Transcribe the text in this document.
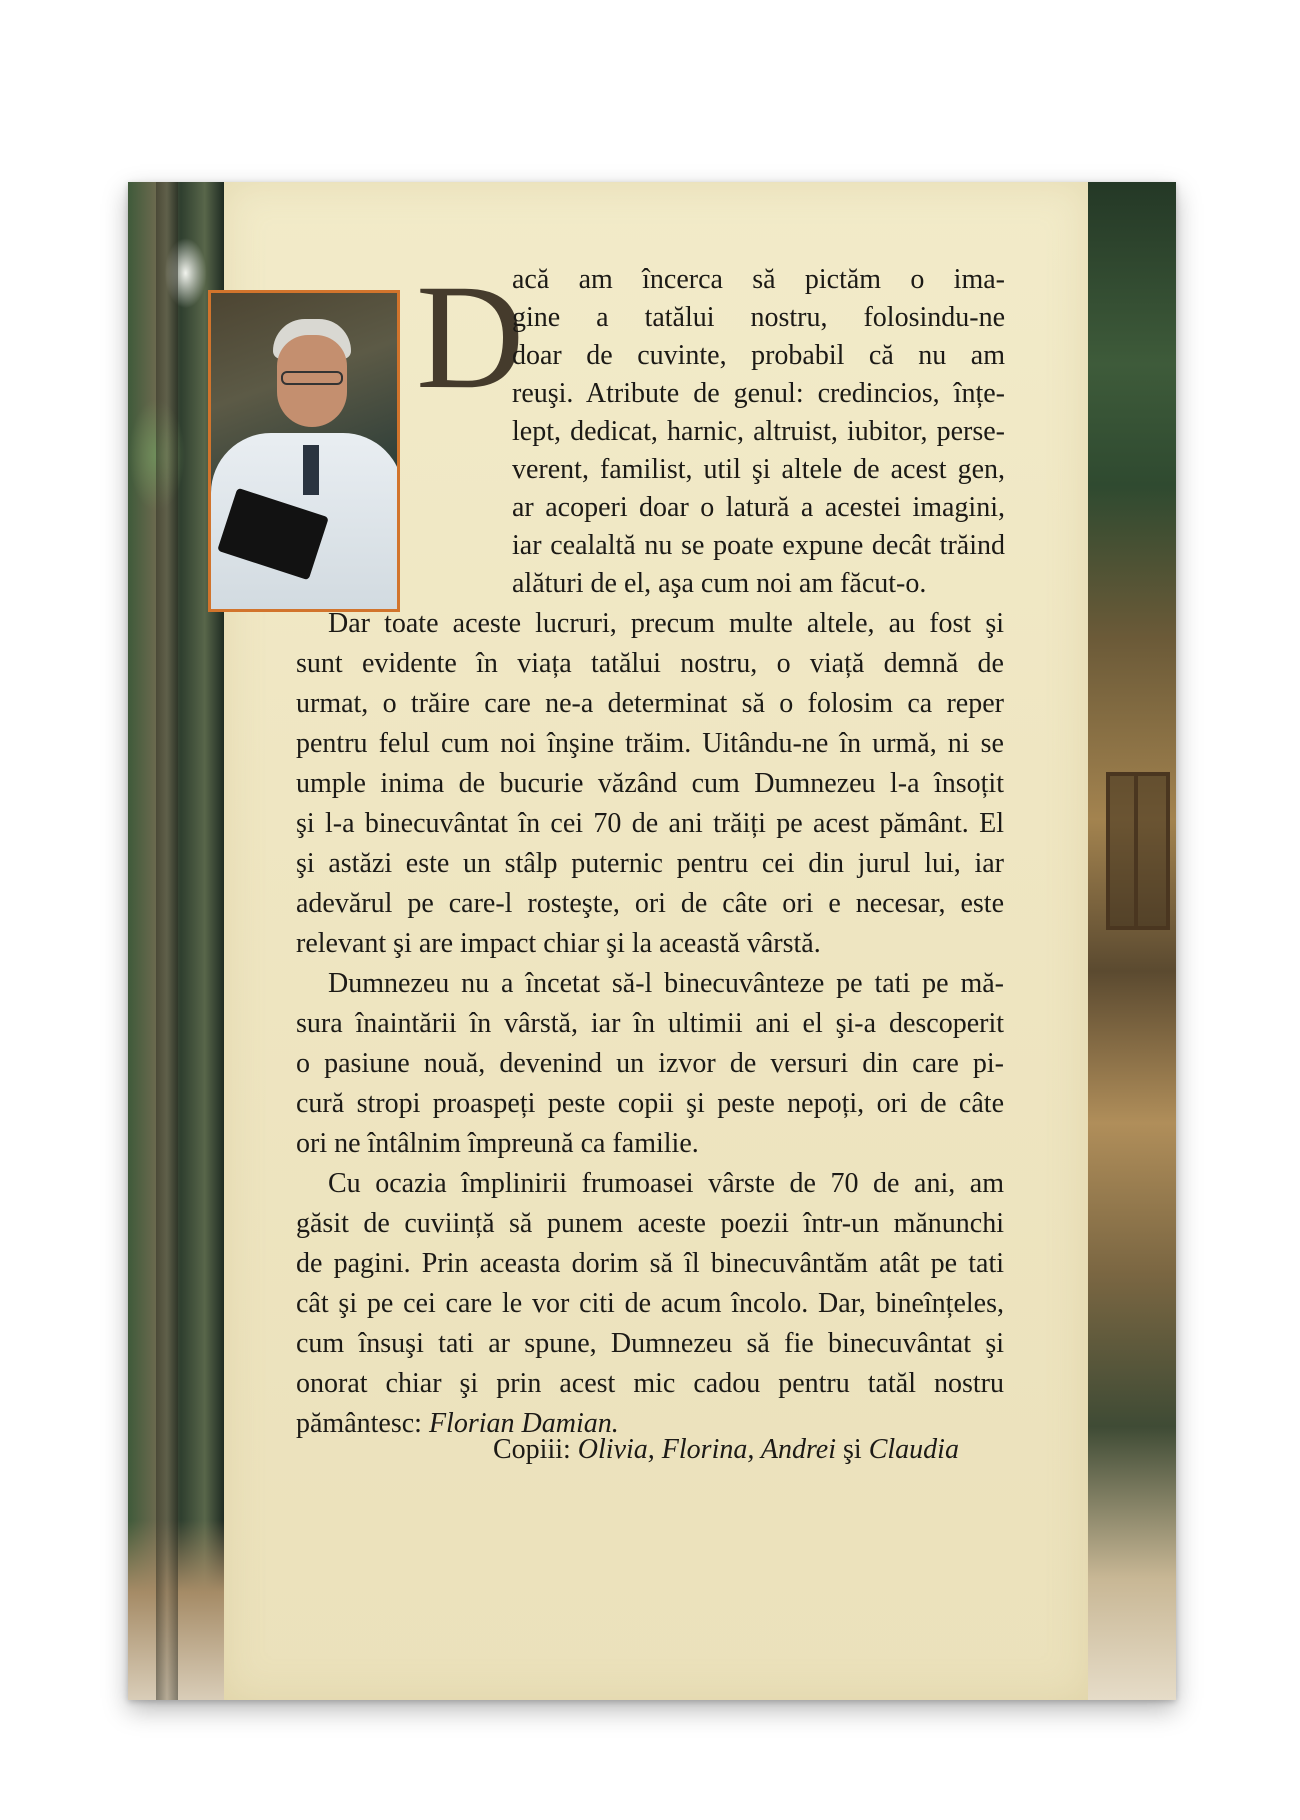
D
acă am încerca să pictăm o ima-
gine a tatălui nostru, folosindu-ne
doar de cuvinte, probabil că nu am
reuşi. Atribute de genul: credincios, înțe-
lept, dedicat, harnic, altruist, iubitor, perse-
verent, familist, util şi altele de acest gen,
ar acoperi doar o latură a acestei imagini,
iar cealaltă nu se poate expune decât trăind
alături de el, aşa cum noi am făcut-o.
Dar toate aceste lucruri, precum multe altele, au fost şi
sunt evidente în viața tatălui nostru, o viață demnă de
urmat, o trăire care ne-a determinat să o folosim ca reper
pentru felul cum noi înşine trăim. Uitându-ne în urmă, ni se
umple inima de bucurie văzând cum Dumnezeu l-a însoțit
şi l-a binecuvântat în cei 70 de ani trăiți pe acest pământ. El
şi astăzi este un stâlp puternic pentru cei din jurul lui, iar
adevărul pe care-l rosteşte, ori de câte ori e necesar, este
relevant şi are impact chiar şi la această vârstă.
Dumnezeu nu a încetat să-l binecuvânteze pe tati pe mă-
sura înaintării în vârstă, iar în ultimii ani el şi-a descoperit
o pasiune nouă, devenind un izvor de versuri din care pi-
cură stropi proaspeți peste copii şi peste nepoți, ori de câte
ori ne întâlnim împreună ca familie.
Cu ocazia împlinirii frumoasei vârste de 70 de ani, am
găsit de cuviință să punem aceste poezii într-un mănunchi
de pagini. Prin aceasta dorim să îl binecuvântăm atât pe tati
cât şi pe cei care le vor citi de acum încolo. Dar, bineînțeles,
cum însuşi tati ar spune, Dumnezeu să fie binecuvântat şi
onorat chiar şi prin acest mic cadou pentru tatăl nostru
pământesc: Florian Damian.
Copiii: Olivia, Florina, Andrei şi Claudia
